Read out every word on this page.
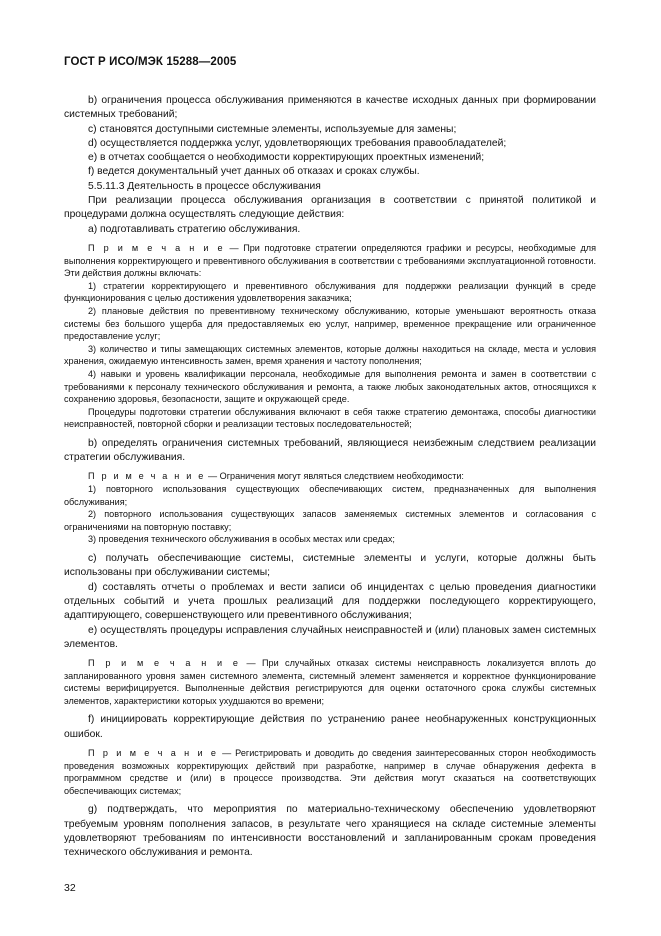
ГОСТ Р ИСО/МЭК 15288—2005

b) ограничения процесса обслуживания применяются в качестве исходных данных при формировании системных требований;

c) становятся доступными системные элементы, используемые для замены;

d) осуществляется поддержка услуг, удовлетворяющих требования правообладателей;

e) в отчетах сообщается о необходимости корректирующих проектных изменений;

f) ведется документальный учет данных об отказах и сроках службы.

5.5.11.3 Деятельность в процессе обслуживания

При реализации процесса обслуживания организация в соответствии с принятой политикой и процедурами должна осуществлять следующие действия:

а) подготавливать стратегию обслуживания.

П р и м е ч а н и е — При подготовке стратегии определяются графики и ресурсы, необходимые для выполнения корректирующего и превентивного обслуживания в соответствии с требованиями эксплуатационной готовности. Эти действия должны включать:

1) стратегии корректирующего и превентивного обслуживания для поддержки реализации функций в среде функционирования с целью достижения удовлетворения заказчика;

2) плановые действия по превентивному техническому обслуживанию, которые уменьшают вероятность отказа системы без большого ущерба для предоставляемых ею услуг, например, временное прекращение или ограниченное предоставление услуг;

3) количество и типы замещающих системных элементов, которые должны находиться на складе, места и условия хранения, ожидаемую интенсивность замен, время хранения и частоту пополнения;

4) навыки и уровень квалификации персонала, необходимые для выполнения ремонта и замен в соответствии с требованиями к персоналу технического обслуживания и ремонта, а также любых законодательных актов, относящихся к сохранению здоровья, безопасности, защите и окружающей среде.

Процедуры подготовки стратегии обслуживания включают в себя также стратегию демонтажа, способы диагностики неисправностей, повторной сборки и реализации тестовых последовательностей;

b) определять ограничения системных требований, являющиеся неизбежным следствием реализации стратегии обслуживания.

П р и м е ч а н и е — Ограничения могут являться следствием необходимости:

1) повторного использования существующих обеспечивающих систем, предназначенных для выполнения обслуживания;

2) повторного использования существующих запасов заменяемых системных элементов и согласования с ограничениями на повторную поставку;

3) проведения технического обслуживания в особых местах или средах;

c) получать обеспечивающие системы, системные элементы и услуги, которые должны быть использованы при обслуживании системы;

d) составлять отчеты о проблемах и вести записи об инцидентах с целью проведения диагностики отдельных событий и учета прошлых реализаций для поддержки последующего корректирующего, адаптирующего, совершенствующего или превентивного обслуживания;

e) осуществлять процедуры исправления случайных неисправностей и (или) плановых замен системных элементов.

П р и м е ч а н и е — При случайных отказах системы неисправность локализуется вплоть до запланированного уровня замен системного элемента, системный элемент заменяется и корректное функционирование системы верифицируется. Выполненные действия регистрируются для оценки остаточного срока службы системных элементов, характеристики которых ухудшаются во времени;

f) инициировать корректирующие действия по устранению ранее необнаруженных конструкционных ошибок.

П р и м е ч а н и е — Регистрировать и доводить до сведения заинтересованных сторон необходимость проведения возможных корректирующих действий при разработке, например в случае обнаружения дефекта в программном средстве и (или) в процессе производства. Эти действия могут сказаться на соответствующих обеспечивающих системах;

g) подтверждать, что мероприятия по материально-техническому обеспечению удовлетворяют требуемым уровням пополнения запасов, в результате чего хранящиеся на складе системные элементы удовлетворяют требованиям по интенсивности восстановлений и запланированным срокам проведения технического обслуживания и ремонта.

32
